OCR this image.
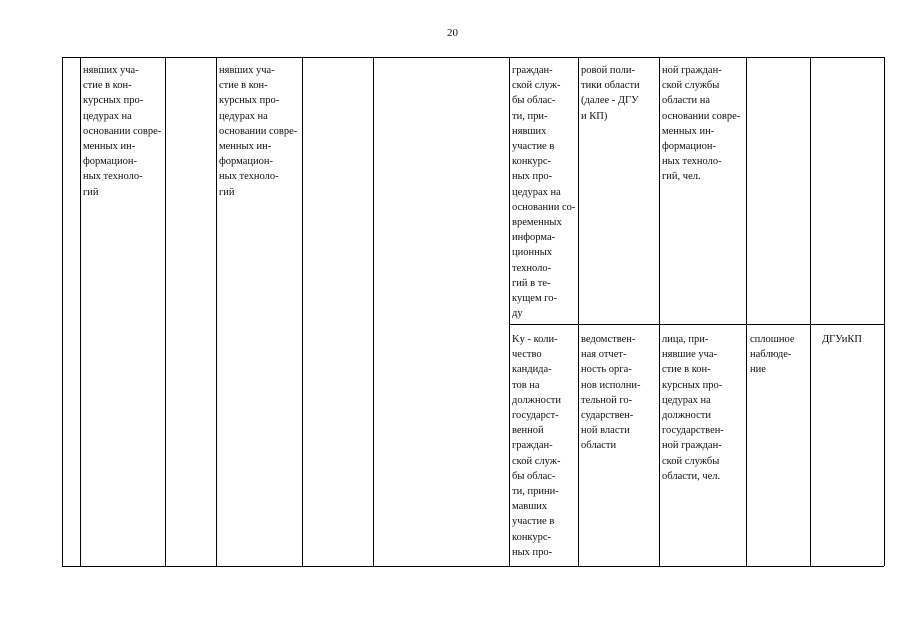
20
нявших уча-
стие в кон-
курсных про-
цедурах на
основании совре-
менных ин-
формацион-
ных техноло-
гий
нявших уча-
стие в кон-
курсных про-
цедурах на
основании совре-
менных ин-
формацион-
ных техноло-
гий
граждан-
ской служ-
бы облас-
ти, при-
нявших
участие в
конкурс-
ных про-
цедурах на
основании со-
временных
информа-
ционных
техноло-
гий в те-
кущем го-
ду
ровой поли-
тики области
(далее - ДГУ
и КП)
ной граждан-
ской службы
области на
основании совре-
менных ин-
формацион-
ных техноло-
гий, чел.
Kу - коли-
чество
кандида-
тов на
должности
государст-
венной
граждан-
ской служ-
бы облас-
ти, прини-
мавших
участие в
конкурс-
ных про-
ведомствен-
ная отчет-
ность орга-
нов исполни-
тельной го-
сударствен-
ной власти
области
лица, при-
нявшие уча-
стие в кон-
курсных про-
цедурах на
должности
государствен-
ной граждан-
ской службы
области, чел.
сплошное
наблюде-
ние
ДГУиКП
